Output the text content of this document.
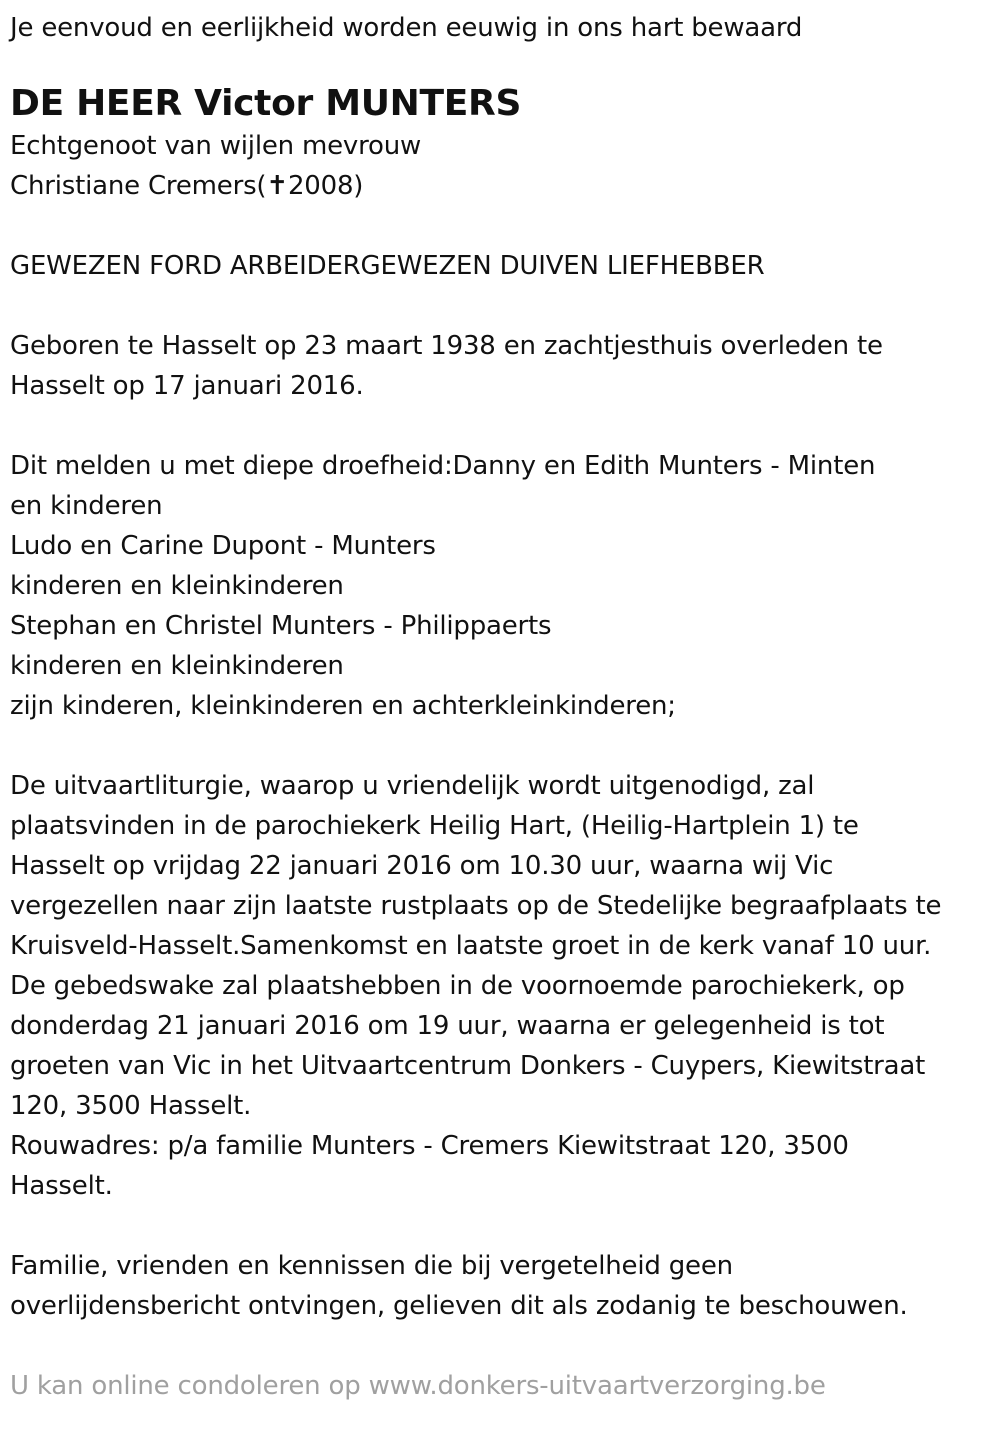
Je eenvoud en eerlijkheid worden eeuwig in ons hart bewaard
DE HEER Victor MUNTERS
Echtgenoot van wijlen mevrouw
Christiane Cremers(✝2008)
GEWEZEN FORD ARBEIDERGEWEZEN DUIVEN LIEFHEBBER
Geboren te Hasselt op 23 maart 1938 en zachtjesthuis overleden te
Hasselt op 17 januari 2016.
Dit melden u met diepe droefheid:Danny en Edith Munters - Minten
en kinderen
Ludo en Carine Dupont - Munters
kinderen en kleinkinderen
Stephan en Christel Munters - Philippaerts
kinderen en kleinkinderen
zijn kinderen, kleinkinderen en achterkleinkinderen;
De uitvaartliturgie, waarop u vriendelijk wordt uitgenodigd, zal
plaatsvinden in de parochiekerk Heilig Hart, (Heilig-Hartplein 1) te
Hasselt op vrijdag 22 januari 2016 om 10.30 uur, waarna wij Vic
vergezellen naar zijn laatste rustplaats op de Stedelijke begraafplaats te
Kruisveld-Hasselt.Samenkomst en laatste groet in de kerk vanaf 10 uur.
De gebedswake zal plaatshebben in de voornoemde parochiekerk, op
donderdag 21 januari 2016 om 19 uur, waarna er gelegenheid is tot
groeten van Vic in het Uitvaartcentrum Donkers - Cuypers, Kiewitstraat
120, 3500 Hasselt.
Rouwadres: p/a familie Munters - Cremers Kiewitstraat 120, 3500
Hasselt.
Familie, vrienden en kennissen die bij vergetelheid geen
overlijdensbericht ontvingen, gelieven dit als zodanig te beschouwen.
U kan online condoleren op www.donkers-uitvaartverzorging.be
